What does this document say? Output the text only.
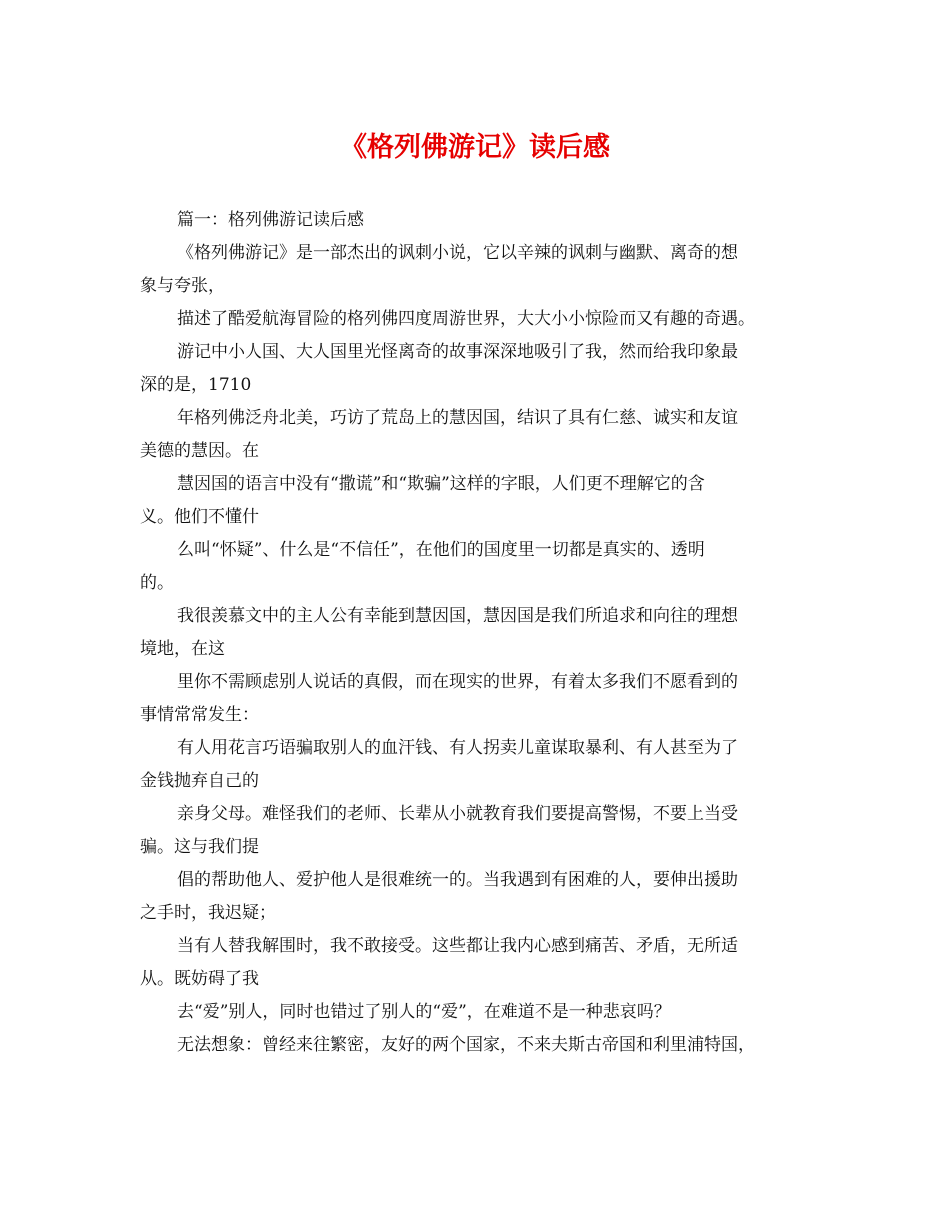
《格列佛游记》读后感
篇一：格列佛游记读后感
《格列佛游记》是一部杰出的讽刺小说，它以辛辣的讽刺与幽默、离奇的想
象与夸张，
描述了酷爱航海冒险的格列佛四度周游世界，大大小小惊险而又有趣的奇遇。
游记中小人国、大人国里光怪离奇的故事深深地吸引了我，然而给我印象最
深的是，1710
年格列佛泛舟北美，巧访了荒岛上的慧因国，结识了具有仁慈、诚实和友谊
美德的慧因。在
慧因国的语言中没有“撒谎”和“欺骗”这样的字眼，人们更不理解它的含
义。他们不懂什
么叫“怀疑”、什么是“不信任”，在他们的国度里一切都是真实的、透明
的。
我很羡慕文中的主人公有幸能到慧因国，慧因国是我们所追求和向往的理想
境地，在这
里你不需顾虑别人说话的真假，而在现实的世界，有着太多我们不愿看到的
事情常常发生：
有人用花言巧语骗取别人的血汗钱、有人拐卖儿童谋取暴利、有人甚至为了
金钱抛弃自己的
亲身父母。难怪我们的老师、长辈从小就教育我们要提高警惕，不要上当受
骗。这与我们提
倡的帮助他人、爱护他人是很难统一的。当我遇到有困难的人，要伸出援助
之手时，我迟疑；
当有人替我解围时，我不敢接受。这些都让我内心感到痛苦、矛盾，无所适
从。既妨碍了我
去“爱”别人，同时也错过了别人的“爱”，在难道不是一种悲哀吗？
无法想象：曾经来往繁密，友好的两个国家，不来夫斯古帝国和利里浦特国，
